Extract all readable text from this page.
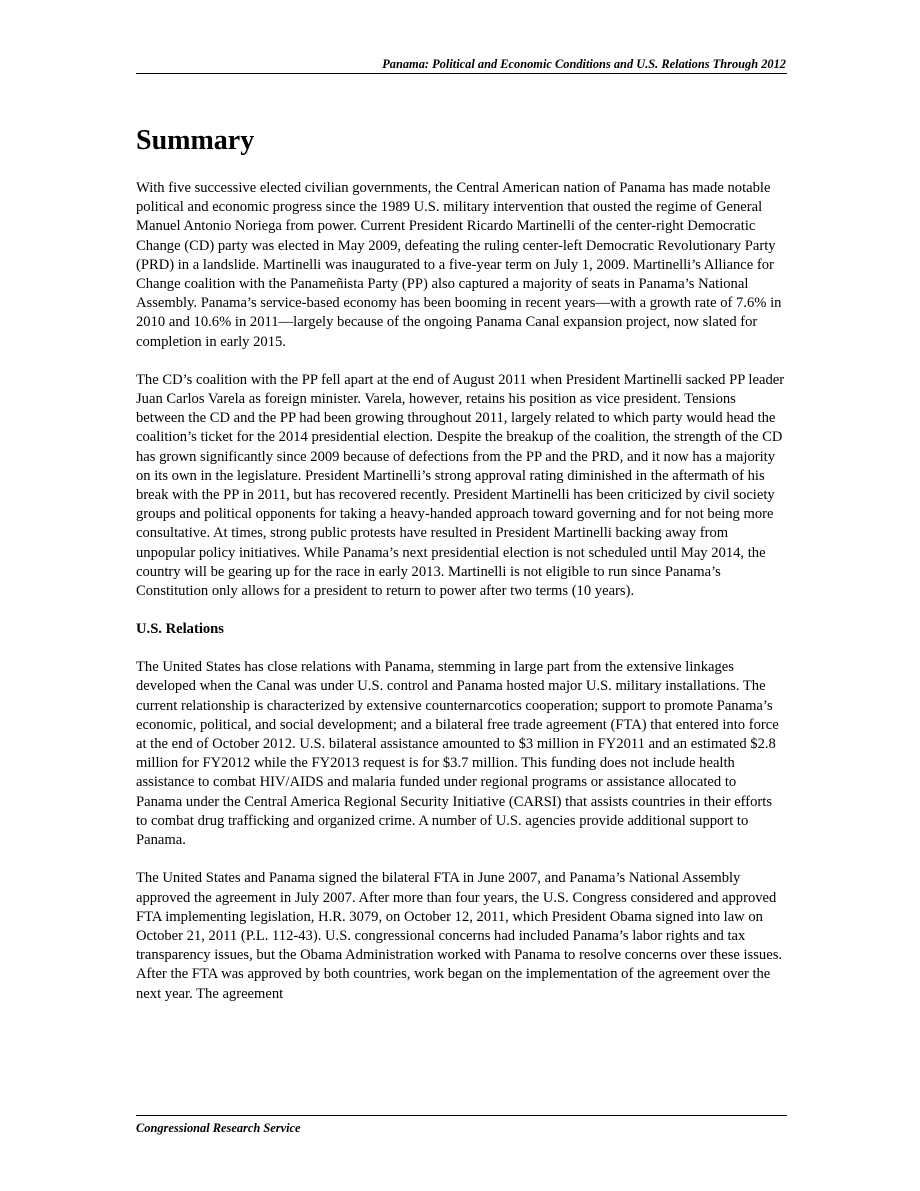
Panama: Political and Economic Conditions and U.S. Relations Through 2012
Summary

With five successive elected civilian governments, the Central American nation of Panama has made notable political and economic progress since the 1989 U.S. military intervention that ousted the regime of General Manuel Antonio Noriega from power. Current President Ricardo Martinelli of the center-right Democratic Change (CD) party was elected in May 2009, defeating the ruling center-left Democratic Revolutionary Party (PRD) in a landslide. Martinelli was inaugurated to a five-year term on July 1, 2009. Martinelli’s Alliance for Change coalition with the Panameñista Party (PP) also captured a majority of seats in Panama’s National Assembly. Panama’s service-based economy has been booming in recent years—with a growth rate of 7.6% in 2010 and 10.6% in 2011—largely because of the ongoing Panama Canal expansion project, now slated for completion in early 2015.

The CD’s coalition with the PP fell apart at the end of August 2011 when President Martinelli sacked PP leader Juan Carlos Varela as foreign minister. Varela, however, retains his position as vice president. Tensions between the CD and the PP had been growing throughout 2011, largely related to which party would head the coalition’s ticket for the 2014 presidential election. Despite the breakup of the coalition, the strength of the CD has grown significantly since 2009 because of defections from the PP and the PRD, and it now has a majority on its own in the legislature. President Martinelli’s strong approval rating diminished in the aftermath of his break with the PP in 2011, but has recovered recently. President Martinelli has been criticized by civil society groups and political opponents for taking a heavy-handed approach toward governing and for not being more consultative. At times, strong public protests have resulted in President Martinelli backing away from unpopular policy initiatives. While Panama’s next presidential election is not scheduled until May 2014, the country will be gearing up for the race in early 2013. Martinelli is not eligible to run since Panama’s Constitution only allows for a president to return to power after two terms (10 years).

U.S. Relations

The United States has close relations with Panama, stemming in large part from the extensive linkages developed when the Canal was under U.S. control and Panama hosted major U.S. military installations. The current relationship is characterized by extensive counternarcotics cooperation; support to promote Panama’s economic, political, and social development; and a bilateral free trade agreement (FTA) that entered into force at the end of October 2012. U.S. bilateral assistance amounted to $3 million in FY2011 and an estimated $2.8 million for FY2012 while the FY2013 request is for $3.7 million. This funding does not include health assistance to combat HIV/AIDS and malaria funded under regional programs or assistance allocated to Panama under the Central America Regional Security Initiative (CARSI) that assists countries in their efforts to combat drug trafficking and organized crime. A number of U.S. agencies provide additional support to Panama.

The United States and Panama signed the bilateral FTA in June 2007, and Panama’s National Assembly approved the agreement in July 2007. After more than four years, the U.S. Congress considered and approved FTA implementing legislation, H.R. 3079, on October 12, 2011, which President Obama signed into law on October 21, 2011 (P.L. 112-43). U.S. congressional concerns had included Panama’s labor rights and tax transparency issues, but the Obama Administration worked with Panama to resolve concerns over these issues. After the FTA was approved by both countries, work began on the implementation of the agreement over the next year. The agreement

Congressional Research Service
